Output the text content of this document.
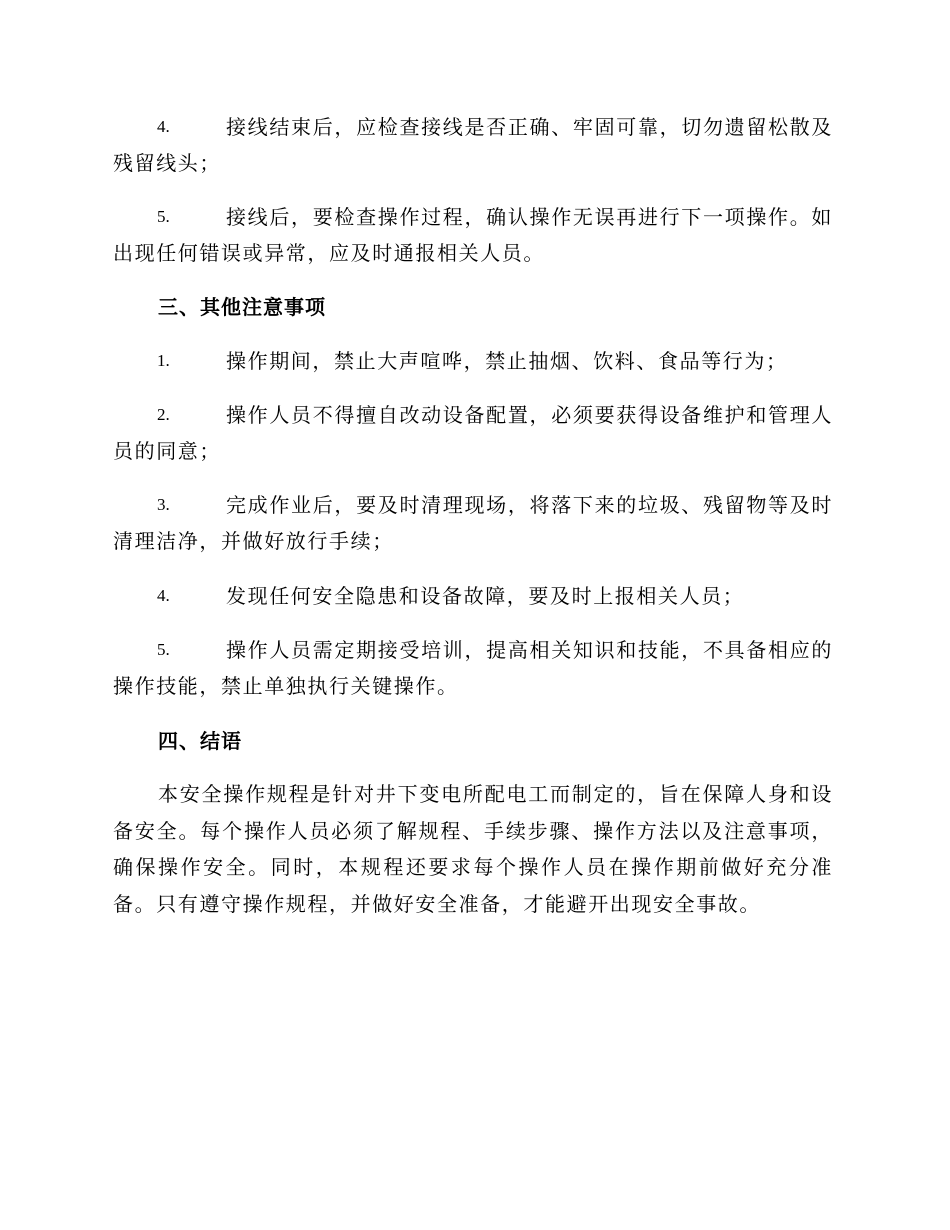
4.	接线结束后，应检查接线是否正确、牢固可靠，切勿遗留松散及残留线头；
5.	接线后，要检查操作过程，确认操作无误再进行下一项操作。如出现任何错误或异常，应及时通报相关人员。
三、其他注意事项
1.	操作期间，禁止大声喧哗，禁止抽烟、饮料、食品等行为；
2.	操作人员不得擅自改动设备配置，必须要获得设备维护和管理人员的同意；
3.	完成作业后，要及时清理现场，将落下来的垃圾、残留物等及时清理洁净，并做好放行手续；
4.	发现任何安全隐患和设备故障，要及时上报相关人员；
5.	操作人员需定期接受培训，提高相关知识和技能，不具备相应的操作技能，禁止单独执行关键操作。
四、结语
本安全操作规程是针对井下变电所配电工而制定的，旨在保障人身和设备安全。每个操作人员必须了解规程、手续步骤、操作方法以及注意事项，确保操作安全。同时，本规程还要求每个操作人员在操作期前做好充分准备。只有遵守操作规程，并做好安全准备，才能避开出现安全事故。
